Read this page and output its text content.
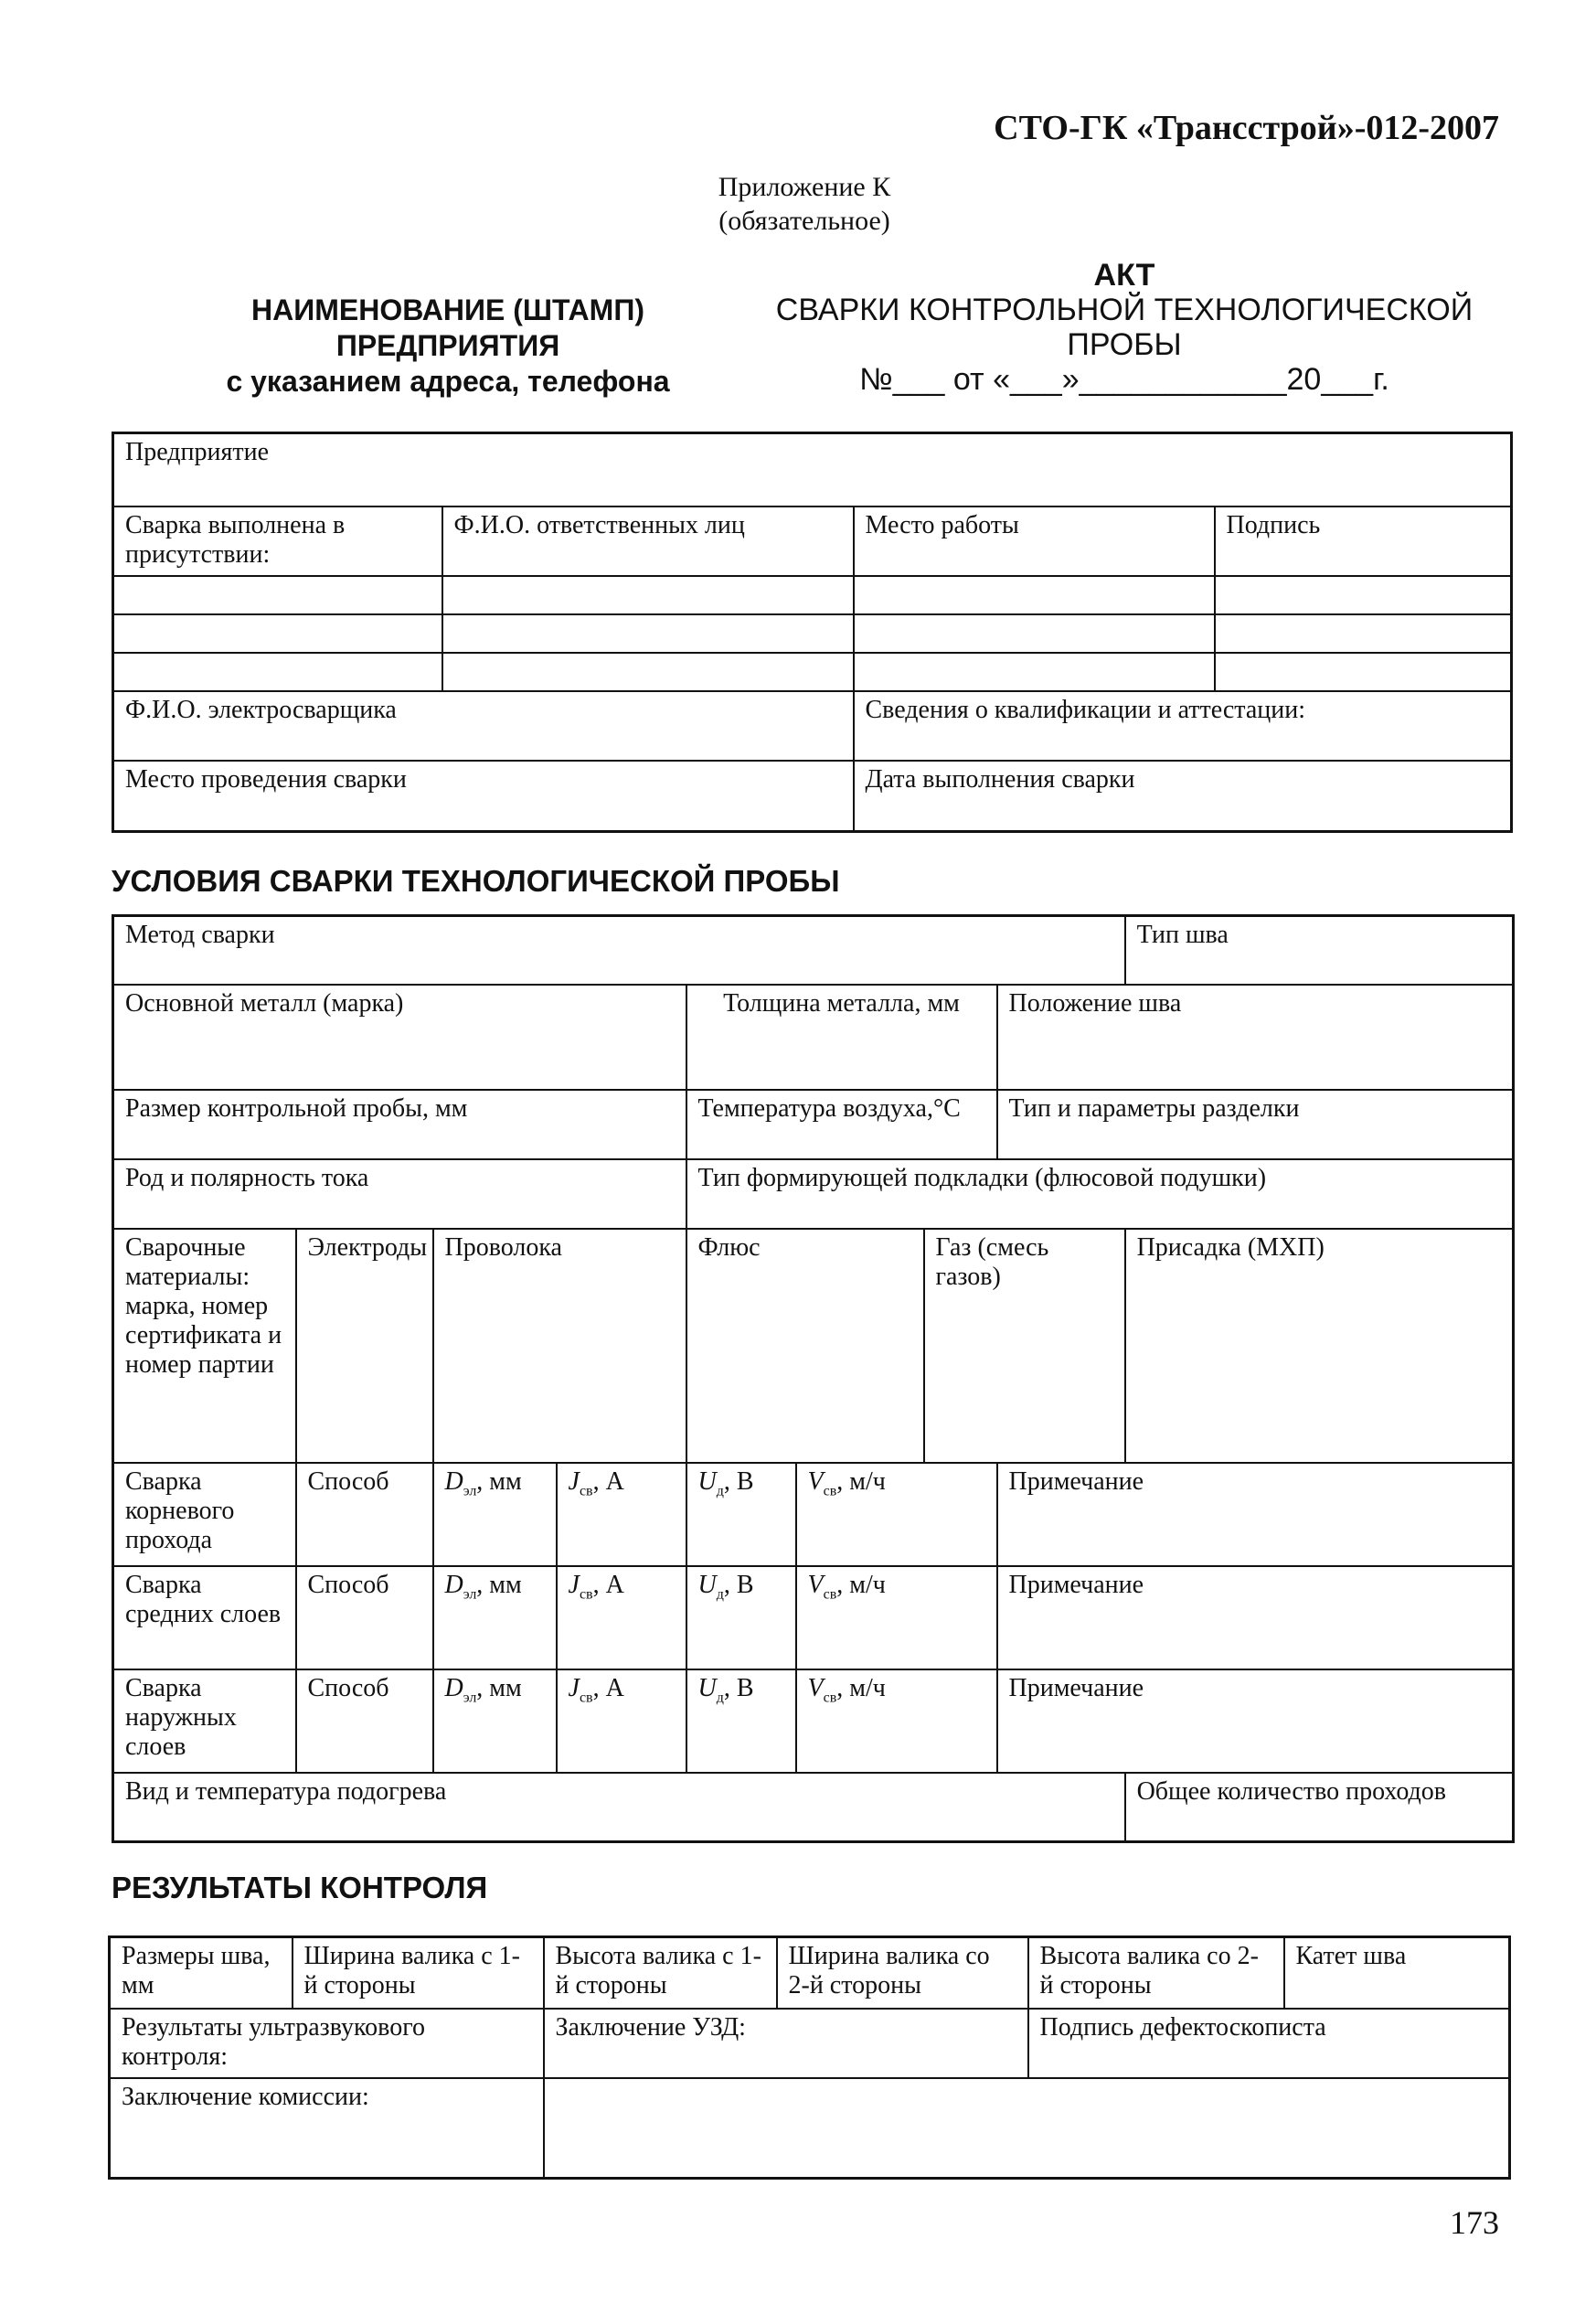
СТО-ГК «Трансстрой»-012-2007
Приложение К
(обязательное)
НАИМЕНОВАНИЕ (ШТАМП)
ПРЕДПРИЯТИЯ
с указанием адреса, телефона
АКТ
СВАРКИ КОНТРОЛЬНОЙ ТЕХНОЛОГИЧЕСКОЙ
ПРОБЫ
№___ от «___»____________20___г.
Предприятие			
Сварка выполнена в присутствии:	Ф.И.О. ответственных лиц	Место работы	Подпись

Ф.И.О. электросварщика		Сведения о квалификации и аттестации:	
Место проведения сварки		Дата выполнения сварки	
УСЛОВИЯ СВАРКИ ТЕХНОЛОГИЧЕСКОЙ ПРОБЫ
Метод сварки								Тип шва
Основной металл (марка)				Толщина металла, мм			Положение шва	
Размер контрольной пробы, мм				Температура воздуха,°С			Тип и параметры разделки	
Род и полярность тока				Тип формирующей подкладки (флюсовой подушки)				
Сварочные материалы: марка, номер сертификата и номер партии	Электроды	Проволока		Флюс		Газ (смесь газов)		Присадка (МХП)
Сварка корневого прохода	Способ	$D_{эл}$, мм	$J_{св}$, А	$U_д$, В	$V_{св}$, м/ч		Примечание	
Сварка средних слоев	Способ	$D_{эл}$, мм	$J_{св}$, А	$U_д$, В	$V_{св}$, м/ч		Примечание	
Сварка наружных слоев	Способ	$D_{эл}$, мм	$J_{св}$, А	$U_д$, В	$V_{св}$, м/ч		Примечание	
Вид и температура подогрева								Общее количество проходов
РЕЗУЛЬТАТЫ КОНТРОЛЯ
Размеры шва, мм	Ширина валика с 1-й стороны	Высота валика с 1-й стороны	Ширина валика со 2-й стороны	Высота валика со 2-й стороны	Катет шва
Результаты ультразвукового контроля:		Заключение УЗД:		Подпись дефектоскописта	
Заключение комиссии:					
173
